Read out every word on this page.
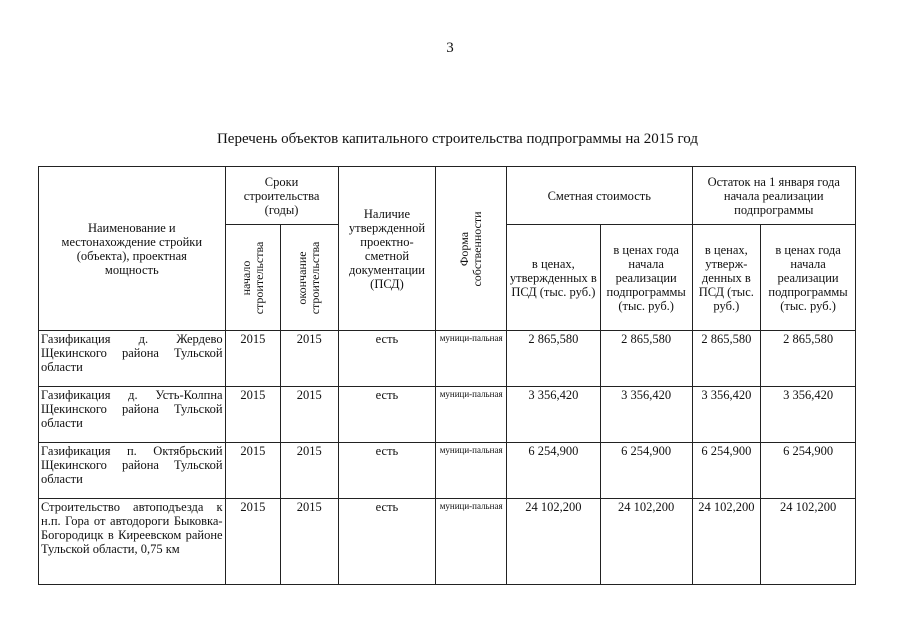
3
Перечень объектов капитального строительства подпрограммы на 2015 год
Наименование и местонахождение стройки (объекта), проектная мощность	Сроки строительства (годы)		Наличие утвержденной проектно-сметной документации (ПСД)	Форма собственности	Сметная стоимость		Остаток на 1 января года начала реализации подпрограммы	

	начало строительства	окончание строительства			в ценах, утвержденных в ПСД (тыс. руб.)	в ценах года начала реализации подпрограммы (тыс. руб.)	в ценах, утверж-денных в ПСД (тыс. руб.)	в ценах года начала реализации подпрограммы (тыс. руб.)
Газификация д. Жердево Щекинского района Тульской области	2015	2015	есть	муници-пальная	2 865,580	2 865,580	2 865,580	2 865,580
Газификация д. Усть-Колпна Щекинского района Тульской области	2015	2015	есть	муници-пальная	3 356,420	3 356,420	3 356,420	3 356,420
Газификация п. Октябрьский Щекинского района Тульской области	2015	2015	есть	муници-пальная	6 254,900	6 254,900	6 254,900	6 254,900
Строительство автоподъезда к н.п. Гора от автодороги Быковка-Богородицк в Киреевском районе Тульской области, 0,75 км	2015	2015	есть	муници-пальная	24 102,200	24 102,200	24 102,200	24 102,200
